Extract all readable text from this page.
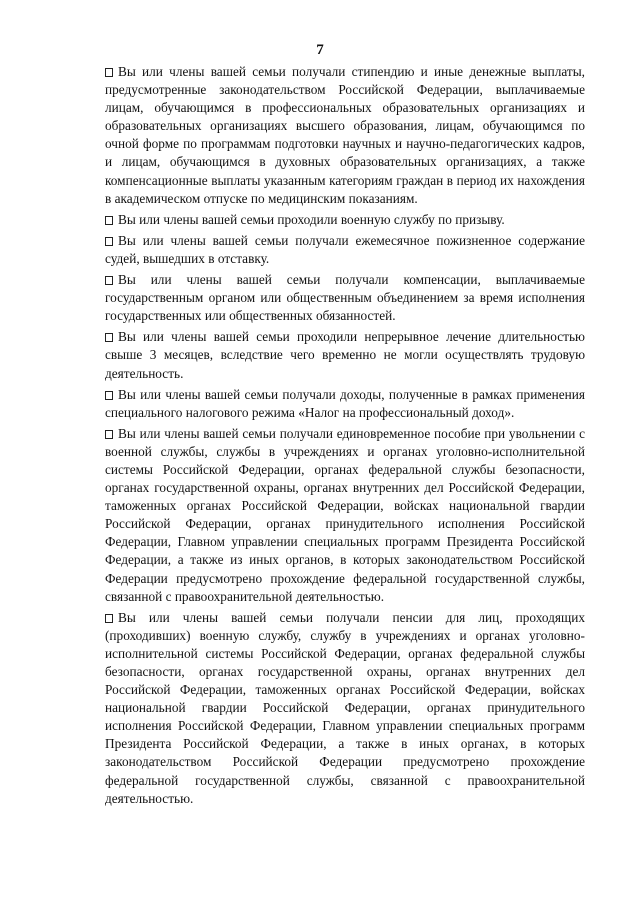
7

Вы или члены вашей семьи получали стипендию и иные денежные выплаты, предусмотренные законодательством Российской Федерации, выплачиваемые лицам, обучающимся в профессиональных образовательных организациях и образовательных организациях высшего образования, лицам, обучающимся по очной форме по программам подготовки научных и научно-педагогических кадров, и лицам, обучающимся в духовных образовательных организациях, а также компенсационные выплаты указанным категориям граждан в период их нахождения в академическом отпуске по медицинским показаниям.

Вы или члены вашей семьи проходили военную службу по призыву.

Вы или члены вашей семьи получали ежемесячное пожизненное содержание судей, вышедших в отставку.

Вы или члены вашей семьи получали компенсации, выплачиваемые государственным органом или общественным объединением за время исполнения государственных или общественных обязанностей.

Вы или члены вашей семьи проходили непрерывное лечение длительностью свыше 3 месяцев, вследствие чего временно не могли осуществлять трудовую деятельность.

Вы или члены вашей семьи получали доходы, полученные в рамках применения специального налогового режима «Налог на профессиональный доход».

Вы или члены вашей семьи получали единовременное пособие при увольнении с военной службы, службы в учреждениях и органах уголовно-исполнительной системы Российской Федерации, органах федеральной службы безопасности, органах государственной охраны, органах внутренних дел Российской Федерации, таможенных органах Российской Федерации, войсках национальной гвардии Российской Федерации, органах принудительного исполнения Российской Федерации, Главном управлении специальных программ Президента Российской Федерации, а также из иных органов, в которых законодательством Российской Федерации предусмотрено прохождение федеральной государственной службы, связанной с правоохранительной деятельностью.

Вы или члены вашей семьи получали пенсии для лиц, проходящих (проходивших) военную службу, службу в учреждениях и органах уголовно-исполнительной системы Российской Федерации, органах федеральной службы безопасности, органах государственной охраны, органах внутренних дел Российской Федерации, таможенных органах Российской Федерации, войсках национальной гвардии Российской Федерации, органах принудительного исполнения Российской Федерации, Главном управлении специальных программ Президента Российской Федерации, а также в иных органах, в которых законодательством Российской Федерации предусмотрено прохождение федеральной государственной службы, связанной с правоохранительной деятельностью.
